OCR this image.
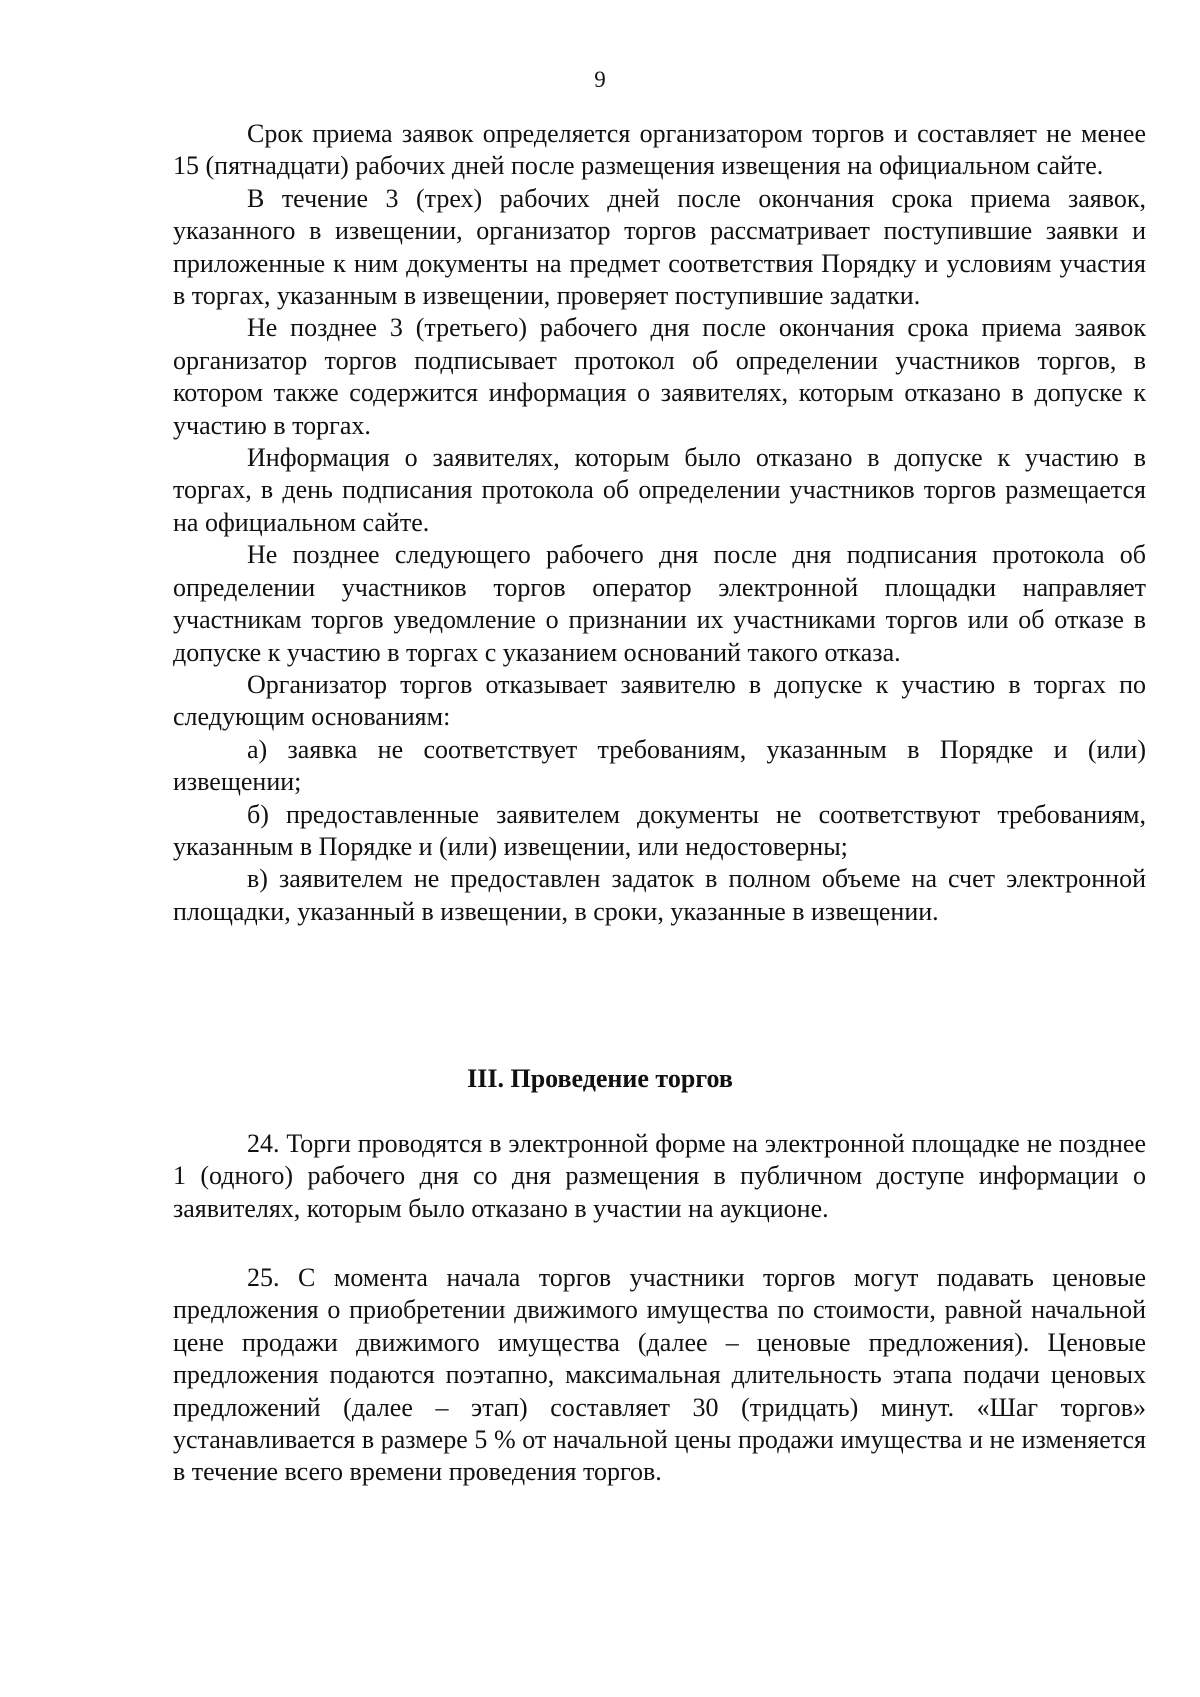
9

Срок приема заявок определяется организатором торгов и составляет не менее 15 (пятнадцати) рабочих дней после размещения извещения на официальном сайте.

В течение 3 (трех) рабочих дней после окончания срока приема заявок, указанного в извещении, организатор торгов рассматривает поступившие заявки и приложенные к ним документы на предмет соответствия Порядку и условиям участия в торгах, указанным в извещении, проверяет поступившие задатки.

Не позднее 3 (третьего) рабочего дня после окончания срока приема заявок организатор торгов подписывает протокол об определении участников торгов, в котором также содержится информация о заявителях, которым отказано в допуске к участию в торгах.

Информация о заявителях, которым было отказано в допуске к участию в торгах, в день подписания протокола об определении участников торгов размещается на официальном сайте.

Не позднее следующего рабочего дня после дня подписания протокола об определении участников торгов оператор электронной площадки направляет участникам торгов уведомление о признании их участниками торгов или об отказе в допуске к участию в торгах с указанием оснований такого отказа.

Организатор торгов отказывает заявителю в допуске к участию в торгах по следующим основаниям:

а) заявка не соответствует требованиям, указанным в Порядке и (или) извещении;

б) предоставленные заявителем документы не соответствуют требованиям, указанным в Порядке и (или) извещении, или недостоверны;

в) заявителем не предоставлен задаток в полном объеме на счет электронной площадки, указанный в извещении, в сроки, указанные в извещении.

III. Проведение торгов

24. Торги проводятся в электронной форме на электронной площадке не позднее 1 (одного) рабочего дня со дня размещения в публичном доступе информации о заявителях, которым было отказано в участии на аукционе.

25. С момента начала торгов участники торгов могут подавать ценовые предложения о приобретении движимого имущества по стоимости, равной начальной цене продажи движимого имущества (далее – ценовые предложения). Ценовые предложения подаются поэтапно, максимальная длительность этапа подачи ценовых предложений (далее – этап) составляет 30 (тридцать) минут. «Шаг торгов» устанавливается в размере 5 % от начальной цены продажи имущества и не изменяется в течение всего времени проведения торгов.
